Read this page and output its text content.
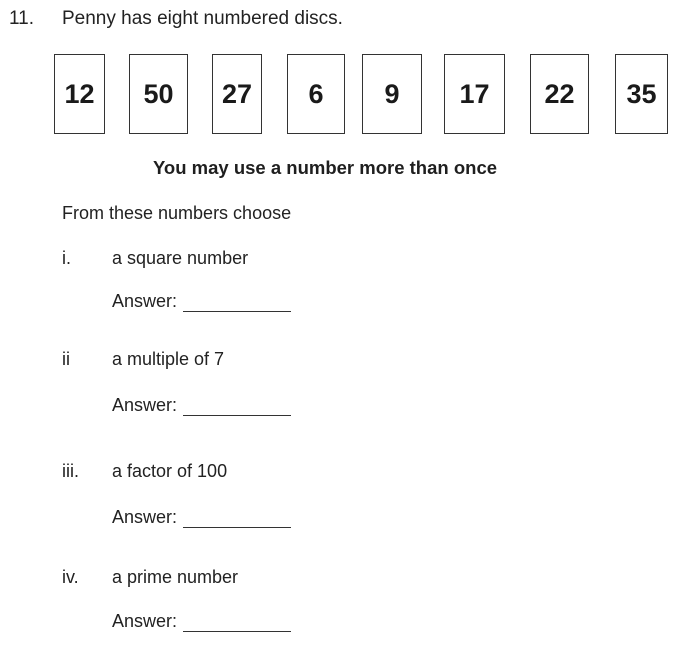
11. Penny has eight numbered discs.
12	50	27	6	9	17	22	35
You may use a number more than once
From these numbers choose
i. a square number
Answer:
ii a multiple of 7
Answer:
iii. a factor of 100
Answer:
iv. a prime number
Answer:
